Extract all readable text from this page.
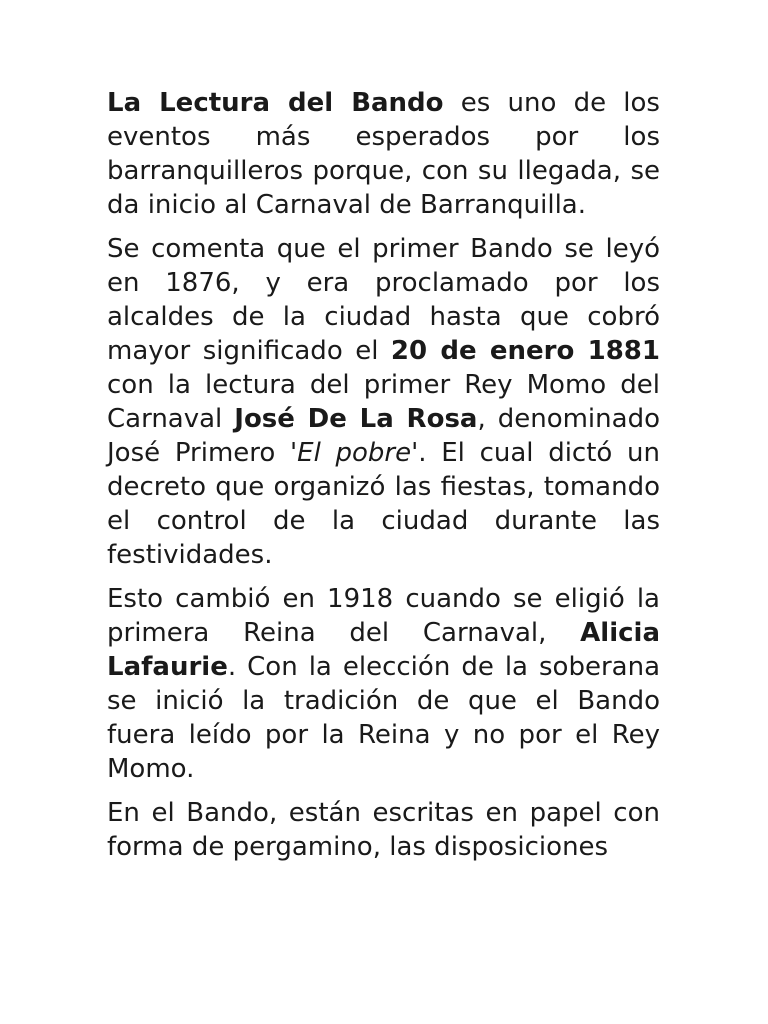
La Lectura del Bando es uno de los eventos más esperados por los barranquilleros porque, con su llegada, se da inicio al Carnaval de Barranquilla.

Se comenta que el primer Bando se leyó en 1876, y era proclamado por los alcaldes de la ciudad hasta que cobró mayor significado el 20 de enero 1881 con la lectura del primer Rey Momo del Carnaval José De La Rosa, denominado José Primero 'El pobre'. El cual dictó un decreto que organizó las fiestas, tomando el control de la ciudad durante las festividades.

Esto cambió en 1918 cuando se eligió la primera Reina del Carnaval, Alicia Lafaurie. Con la elección de la soberana se inició la tradición de que el Bando fuera leído por la Reina y no por el Rey Momo.

En el Bando, están escritas en papel con forma de pergamino, las disposiciones
